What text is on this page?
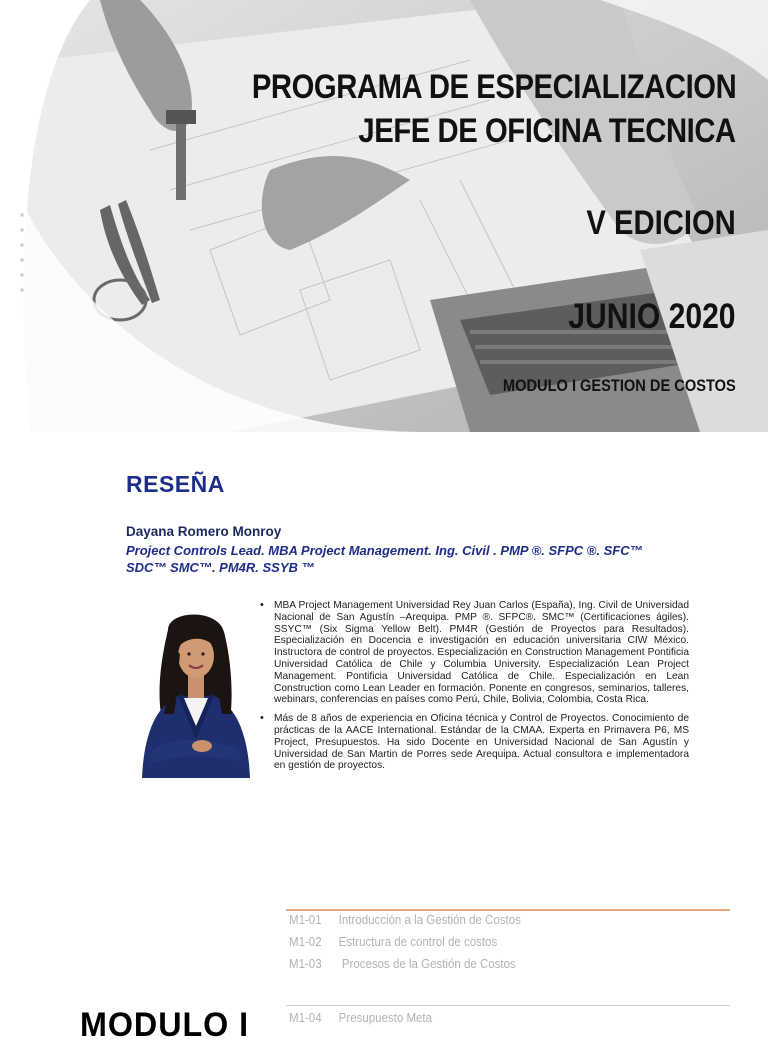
PROGRAMA DE ESPECIALIZACION
JEFE DE OFICINA TECNICA
V EDICION
JUNIO 2020
MODULO I GESTION DE COSTOS
RESEÑA
Dayana Romero Monroy
Project Controls Lead. MBA Project Management. Ing. Civil . PMP ®. SFPC ®. SFC™ SDC™ SMC™. PM4R. SSYB ™
• MBA Project Management Universidad Rey Juan Carlos (España), Ing. Civil de Universidad Nacional de San Agustín –Arequipa. PMP ®. SFPC®. SMC™ (Certificaciones ágiles). SSYC™ (Six Sigma Yellow Belt). PM4R (Gestión de Proyectos para Resultados). Especialización en Docencia e investigación en educación universitaria CIW México. Instructora de control de proyectos. Especialización en Construction Management Pontificia Universidad Católica de Chile y Columbia University. Especialización Lean Project Management. Pontificia Universidad Católica de Chile. Especialización en Lean Construction como Lean Leader en formación. Ponente en congresos, seminarios, talleres, webinars, conferencias en países como Perú, Chile, Bolivia, Colombia, Costa Rica.
• Más de 8 años de experiencia en Oficina técnica y Control de Proyectos. Conocimiento de prácticas de la AACE International. Estándar de la CMAA. Experta en Primavera P6, MS Project, Presupuestos. Ha sido Docente en Universidad Nacional de San Agustín y Universidad de San Martin de Porres sede Arequipa. Actual consultora e implementadora en gestión de proyectos.
M1-01 Introducción a la Gestión de Costos
M1-02 Estructura de control de costos
M1-03 Procesos de la Gestión de Costos
M1-04 Presupuesto Meta
MODULO I
